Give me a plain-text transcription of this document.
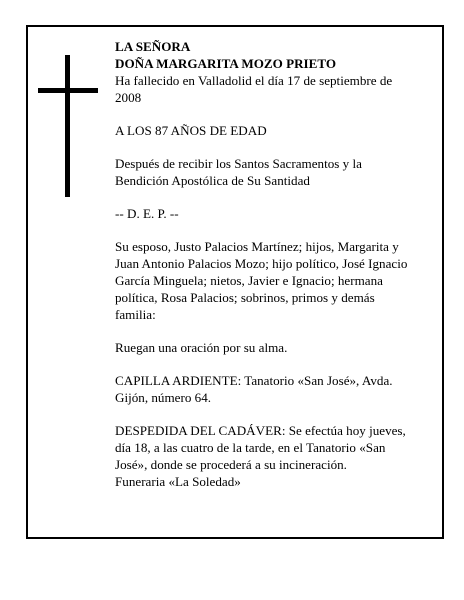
LA SEÑORA
DOÑA MARGARITA MOZO PRIETO
Ha fallecido en Valladolid el día 17 de septiembre de
2008
A LOS 87 AÑOS DE EDAD
Después de recibir los Santos Sacramentos y la
Bendición Apostólica de Su Santidad
-- D. E. P. --
Su esposo, Justo Palacios Martínez; hijos, Margarita y
Juan Antonio Palacios Mozo; hijo político, José Ignacio
García Minguela; nietos, Javier e Ignacio; hermana
política, Rosa Palacios; sobrinos, primos y demás
familia:
Ruegan una oración por su alma.
CAPILLA ARDIENTE: Tanatorio «San José», Avda.
Gijón, número 64.
DESPEDIDA DEL CADÁVER: Se efectúa hoy jueves,
día 18, a las cuatro de la tarde, en el Tanatorio «San
José», donde se procederá a su incineración.
Funeraria «La Soledad»
